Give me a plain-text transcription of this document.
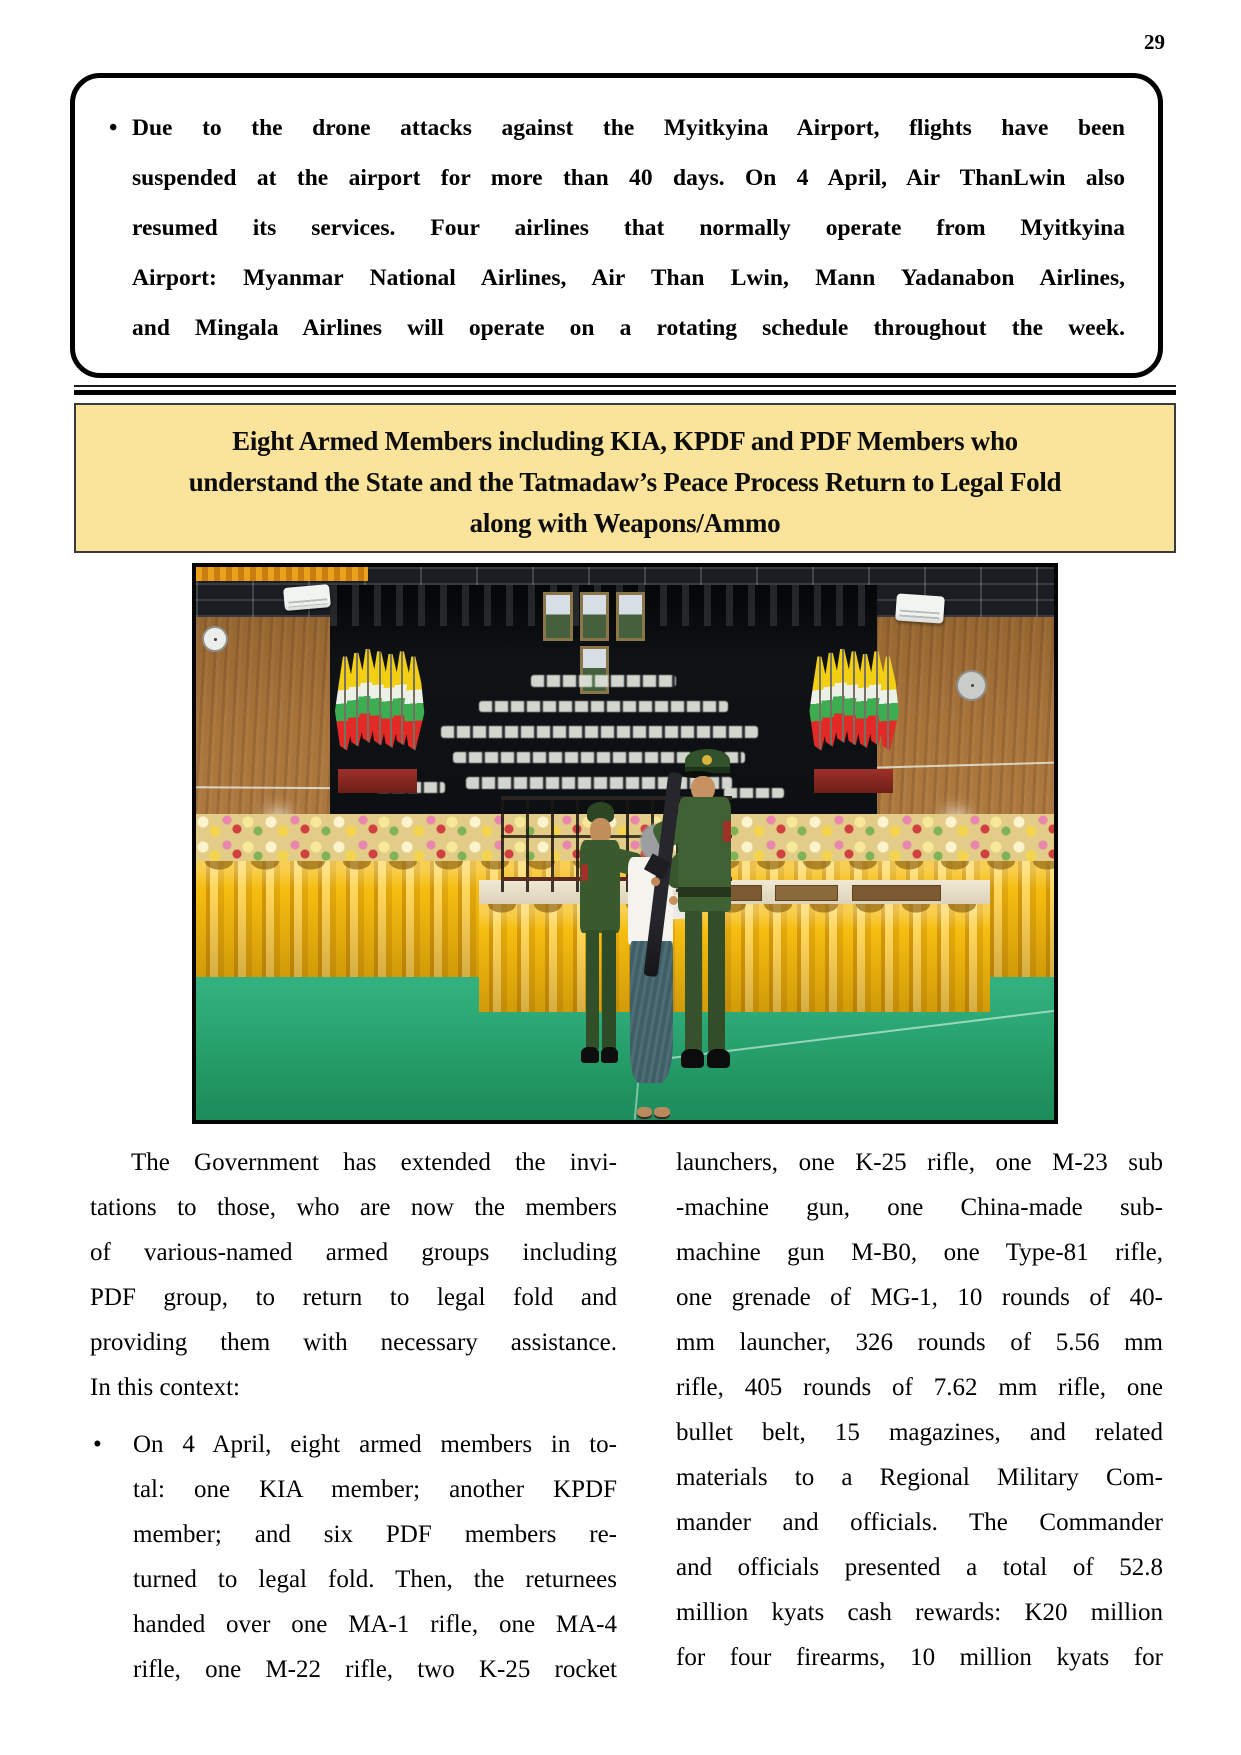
29
• Due to the drone attacks against the Myitkyina Airport, flights have been
suspended at the airport for more than 40 days. On 4 April, Air ThanLwin also
resumed its services. Four airlines that normally operate from Myitkyina
Airport: Myanmar National Airlines, Air Than Lwin, Mann Yadanabon Airlines,
and Mingala Airlines will operate on a rotating schedule throughout the week.
Eight Armed Members including KIA, KPDF and PDF Members who
understand the State and the Tatmadaw’s Peace Process Return to Legal Fold
along with Weapons/Ammo
The Government has extended the invi-
tations to those, who are now the members
of various-named armed groups including
PDF group, to return to legal fold and
providing them with necessary assistance.
In this context:
• On 4 April, eight armed members in to-
tal: one KIA member; another KPDF
member; and six PDF members re-
turned to legal fold. Then, the returnees
handed over one MA-1 rifle, one MA-4
rifle, one M-22 rifle, two K-25 rocket
launchers, one K-25 rifle, one M-23 sub
-machine gun, one China-made sub-
machine gun M-B0, one Type-81 rifle,
one grenade of MG-1, 10 rounds of 40-
mm launcher, 326 rounds of 5.56 mm
rifle, 405 rounds of 7.62 mm rifle, one
bullet belt, 15 magazines, and related
materials to a Regional Military Com-
mander and officials. The Commander
and officials presented a total of 52.8
million kyats cash rewards: K20 million
for four firearms, 10 million kyats for
